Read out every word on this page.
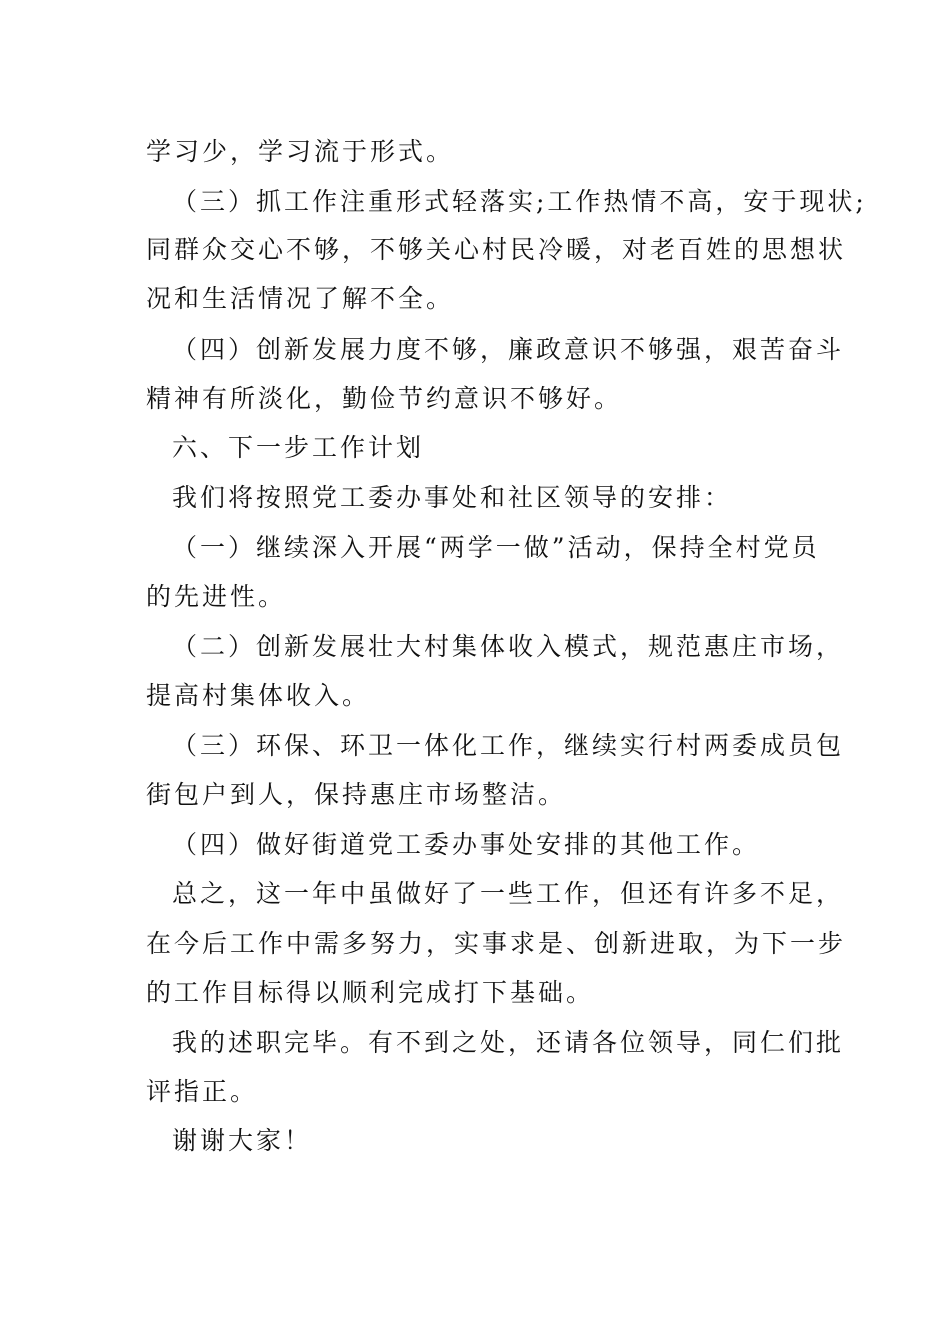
学习少，学习流于形式。
（三）抓工作注重形式轻落实;工作热情不高，安于现状;
同群众交心不够，不够关心村民冷暖，对老百姓的思想状
况和生活情况了解不全。
（四）创新发展力度不够，廉政意识不够强，艰苦奋斗
精神有所淡化，勤俭节约意识不够好。
六、下一步工作计划
我们将按照党工委办事处和社区领导的安排：
（一）继续深入开展“两学一做”活动，保持全村党员
的先进性。
（二）创新发展壮大村集体收入模式，规范惠庄市场，
提高村集体收入。
（三）环保、环卫一体化工作，继续实行村两委成员包
街包户到人，保持惠庄市场整洁。
（四）做好街道党工委办事处安排的其他工作。
总之，这一年中虽做好了一些工作，但还有许多不足，
在今后工作中需多努力，实事求是、创新进取，为下一步
的工作目标得以顺利完成打下基础。
我的述职完毕。有不到之处，还请各位领导，同仁们批
评指正。
谢谢大家！
